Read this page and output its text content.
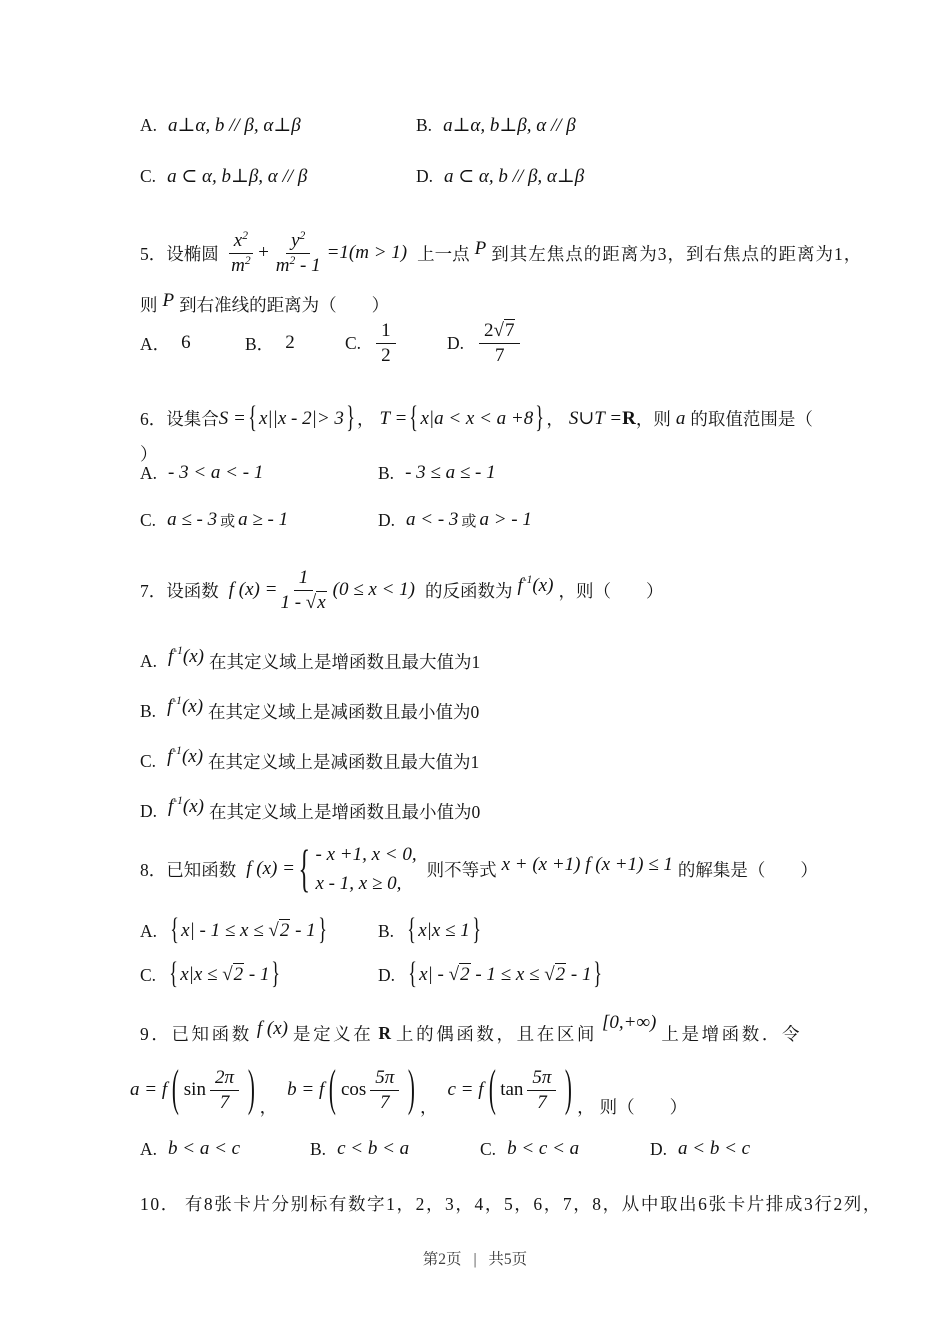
A. a⊥α, b // β, α⊥β	B. a⊥α, b⊥β, α // β
C. a ⊂ α, b⊥β, α // β	D. a ⊂ α, b // β, α⊥β
5． 设椭圆 $\frac{x^2}{m^2} + \frac{y^2}{m^2 - 1} =1(m > 1)$ 上一点 P 到其左焦点的距离为3，到右焦点的距离为1，
则 P 到右准线的距离为（　　）
A． 6	B． 2	C. $\frac{1}{2}$	D. $\frac{2√7}{7}$
6． 设集合 S = { x||x - 2|> 3 } ， T = { x|a < x < a +8 } ， S∪T =R ，则 a 的取值范围是（
）
A. - 3 < a < - 1	B. - 3 ≤ a ≤ - 1
C. a ≤ - 3 或 a ≥ - 1	D. a < - 3 或 a > - 1
7． 设函数 f $(x) = \frac{1}{1 - √x} (0 \le x < 1)$ 的反函数为 $f^{-1}(x)$ ，则（　　）
A. $f^{-1}(x)$ 在其定义域上是增函数且最大值为1
B. $f^{-1}(x)$ 在其定义域上是减函数且最小值为0
C. $f^{-1}(x)$ 在其定义域上是减函数且最大值为1
D. $f^{-1}(x)$ 在其定义域上是增函数且最小值为0
8． 已知函数 f (x) = { - x +1, x < 0,
x - 1, x ≥ 0,
则不等式 x + (x +1) f (x +1) ≤ 1 的解集是（　　）
A. { x| - 1 ≤ x ≤ √2 - 1 }	B. { x|x ≤ 1 }
C. { x|x ≤ √2 - 1 }	D. { x| - √2 - 1 ≤ x ≤ √2 - 1 }
9． 已知函数 f (x) 是定义在 R 上的偶函数，且在区间
[0,+∞)
上是增函数．令
a = f ( $\sin \frac{2\pi}{7}$ ) ，
b = f ( $\cos \frac{5\pi}{7}$ ) ，
c = f ( $\tan \frac{5\pi}{7}$ ) ， 则（　　）
A. b < a < c	B. c < b < a	C. b < c < a	D. a < b < c
10． 有8张卡片分别标有数字1，2，3，4，5，6，7，8，从中取出6张卡片排成3行2列，
第2页 | 共5页
